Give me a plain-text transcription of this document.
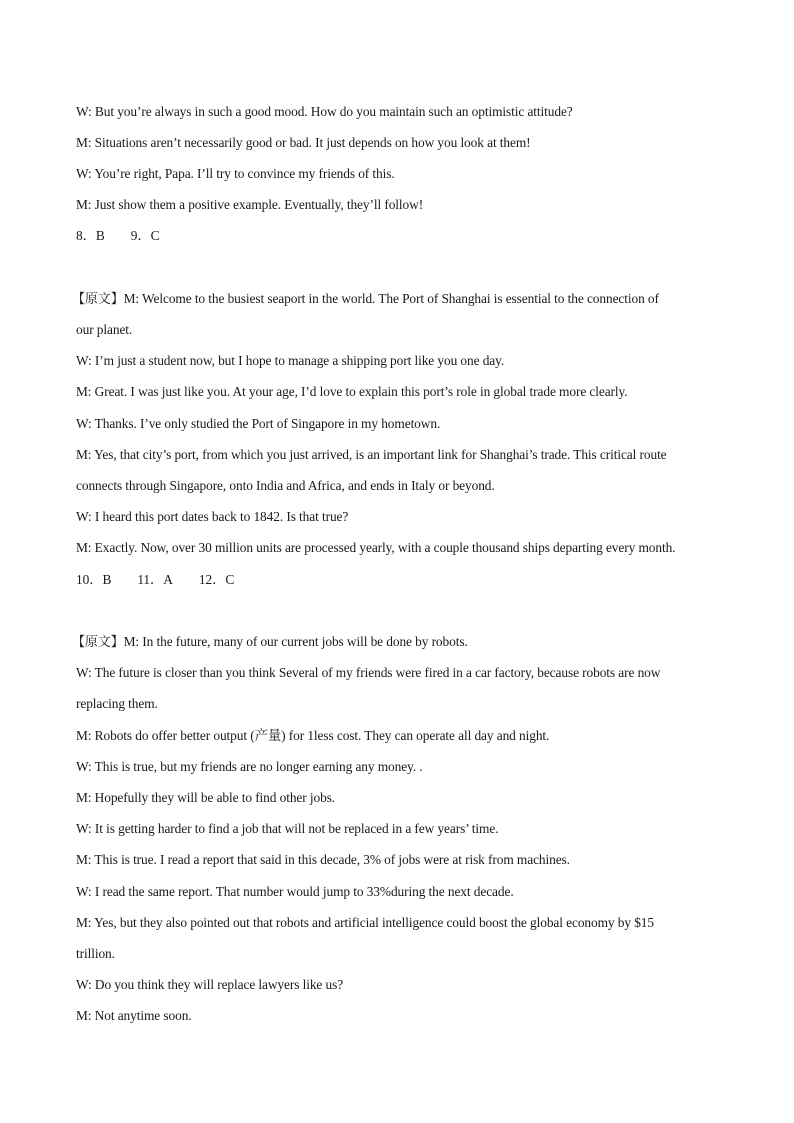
W: But you’re always in such a good mood. How do you maintain such an optimistic attitude?
M: Situations aren’t necessarily good or bad. It just depends on how you look at them!
W: You’re right, Papa. I’ll try to convince my friends of this.
M: Just show them a positive example. Eventually, they’ll follow!
8．B 9．C
【原文】M: Welcome to the busiest seaport in the world. The Port of Shanghai is essential to the connection of
our planet.
W: I’m just a student now, but I hope to manage a shipping port like you one day.
M: Great. I was just like you. At your age, I’d love to explain this port’s role in global trade more clearly.
W: Thanks. I’ve only studied the Port of Singapore in my hometown.
M: Yes, that city’s port, from which you just arrived, is an important link for Shanghai’s trade. This critical route
connects through Singapore, onto India and Africa, and ends in Italy or beyond.
W: I heard this port dates back to 1842. Is that true?
M: Exactly. Now, over 30 million units are processed yearly, with a couple thousand ships departing every month.
10．B 11．A 12．C
【原文】M: In the future, many of our current jobs will be done by robots.
W: The future is closer than you think Several of my friends were fired in a car factory, because robots are now
replacing them.
M: Robots do offer better output (产量) for 1less cost. They can operate all day and night.
W: This is true, but my friends are no longer earning any money. .
M: Hopefully they will be able to find other jobs.
W: It is getting harder to find a job that will not be replaced in a few years’ time.
M: This is true. I read a report that said in this decade, 3% of jobs were at risk from machines.
W: I read the same report. That number would jump to 33%during the next decade.
M: Yes, but they also pointed out that robots and artificial intelligence could boost the global economy by $15
trillion.
W: Do you think they will replace lawyers like us?
M: Not anytime soon.
